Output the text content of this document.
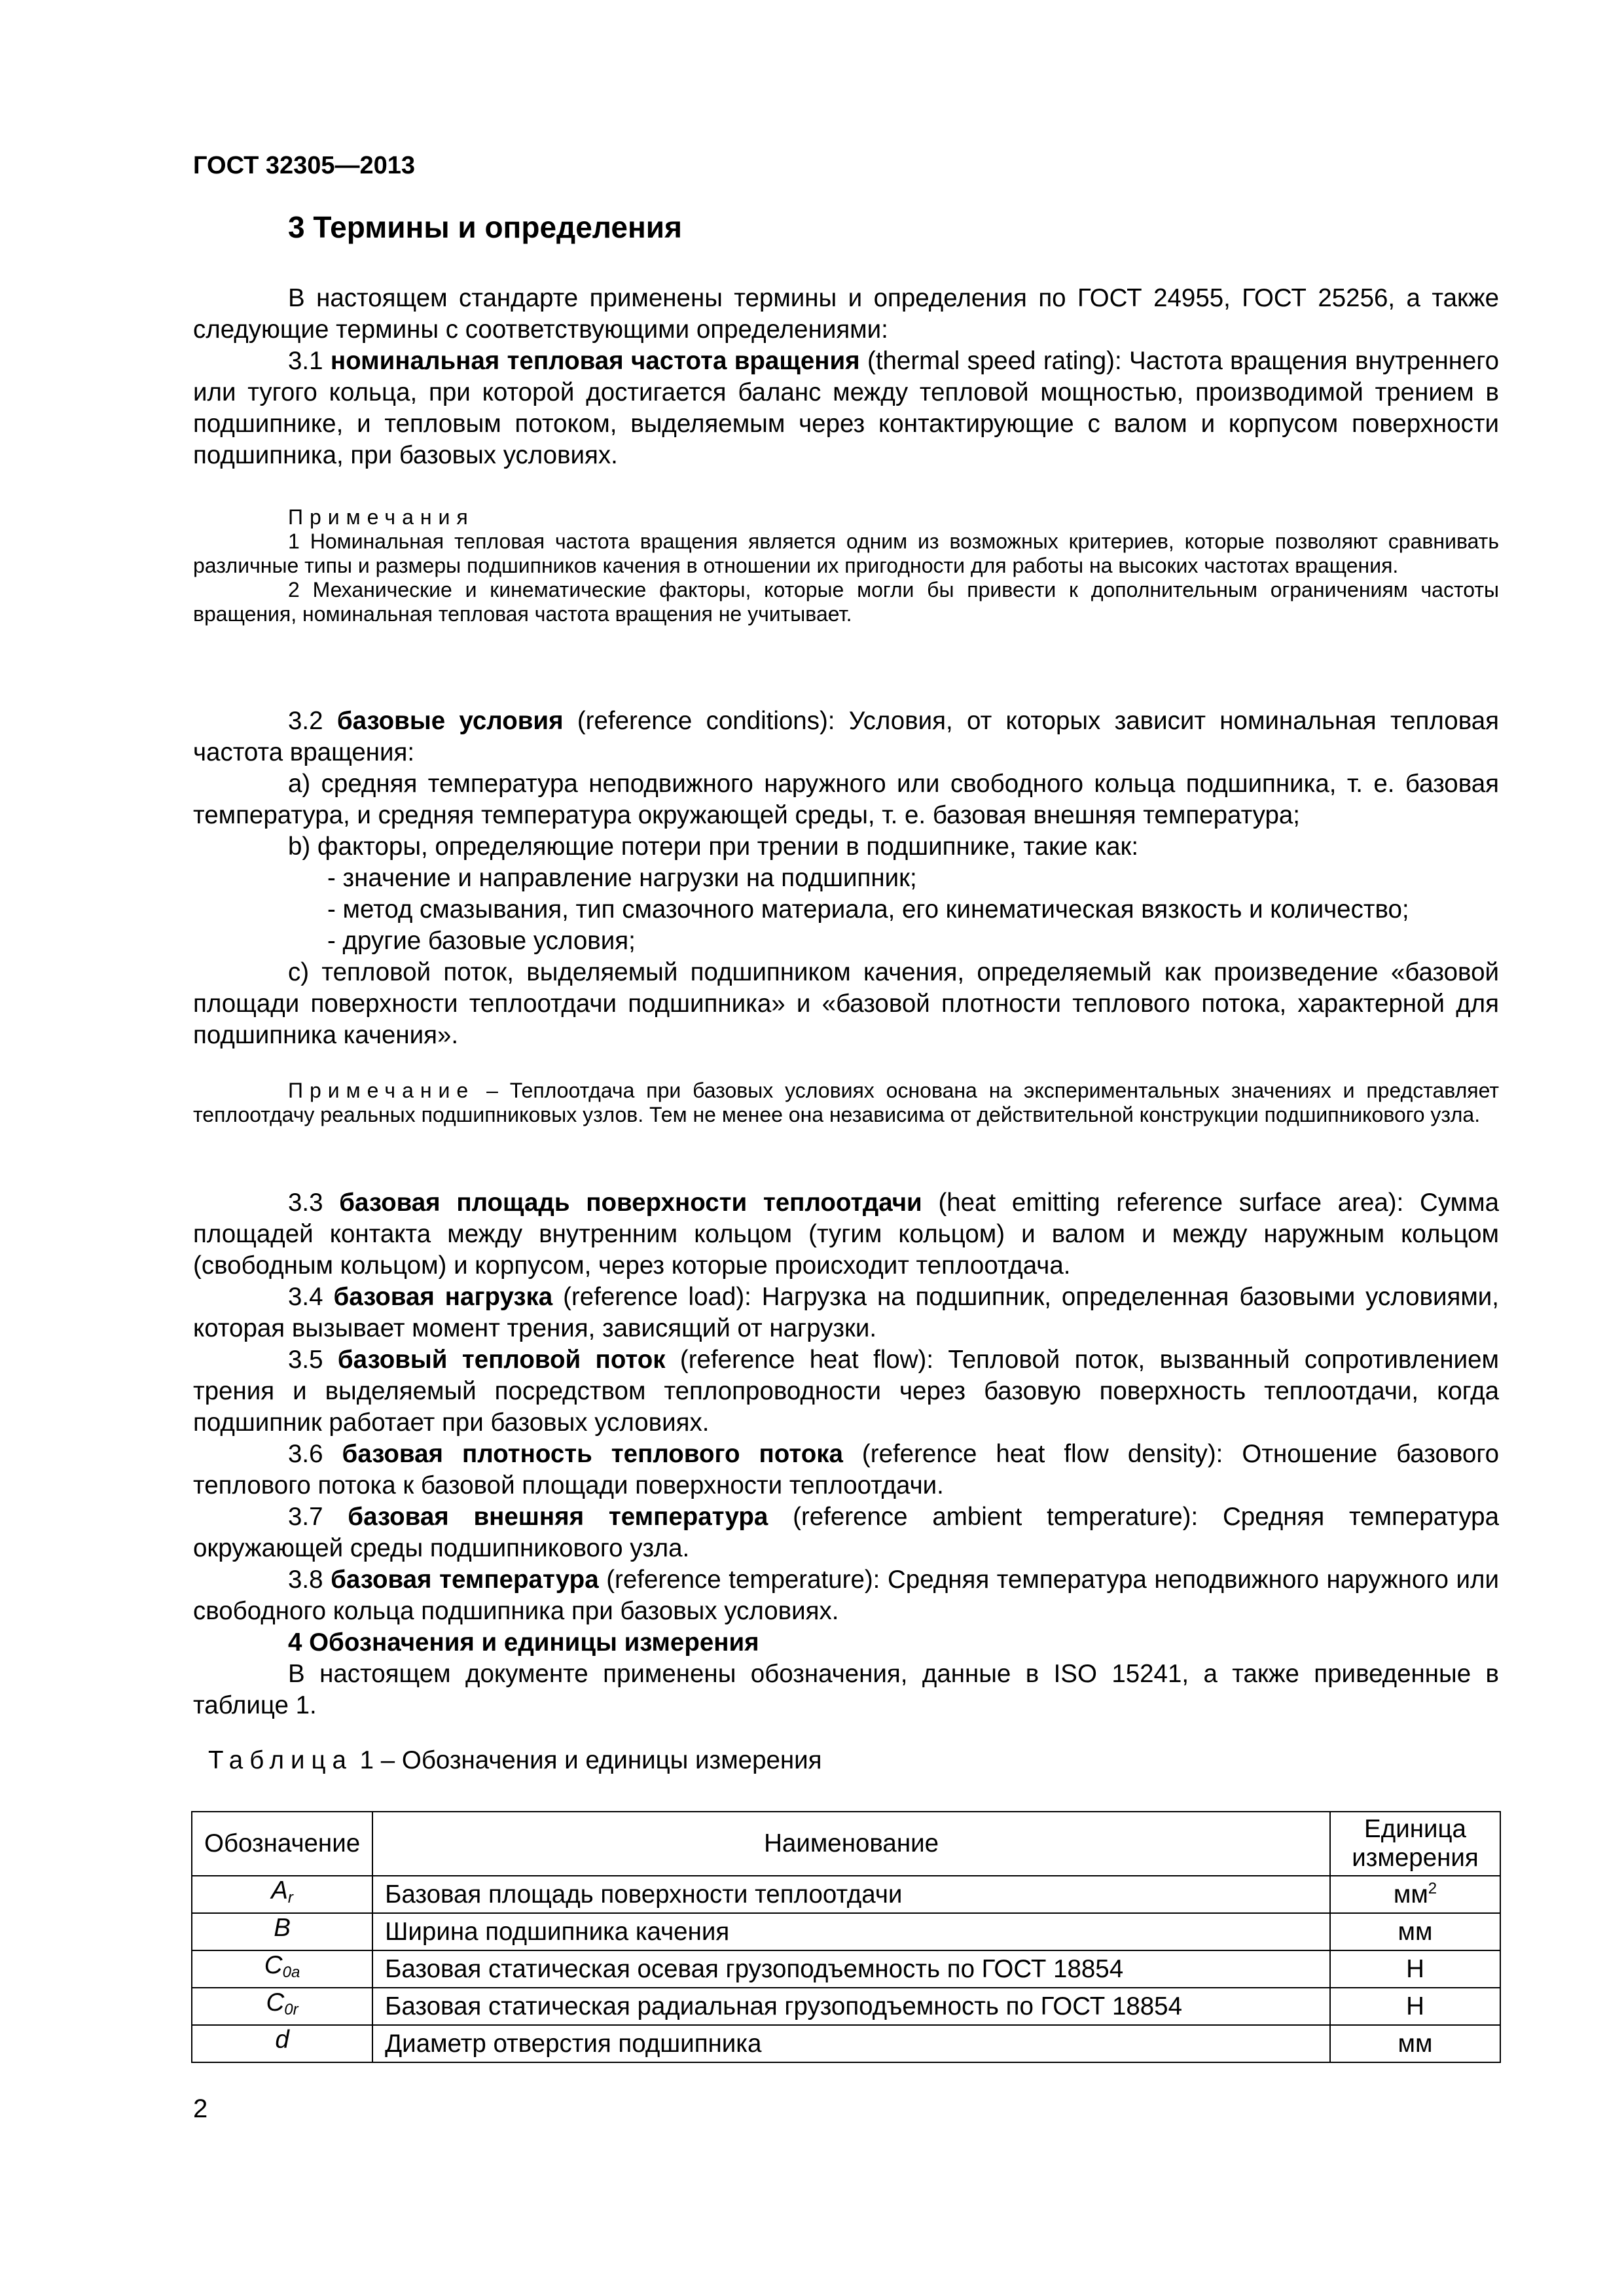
ГОСТ 32305—2013
3 Термины и определения

В настоящем стандарте применены термины и определения по ГОСТ 24955, ГОСТ 25256, а также следующие термины с соответствующими определениями:

3.1 номинальная тепловая частота вращения (thermal speed rating): Частота вращения внутреннего или тугого кольца, при которой достигается баланс между тепловой мощностью, производимой трением в подшипнике, и тепловым потоком, выделяемым через контактирующие с валом и корпусом поверхности подшипника, при базовых условиях.

Примечания

1 Номинальная тепловая частота вращения является одним из возможных критериев, которые позволяют сравнивать различные типы и размеры подшипников качения в отношении их пригодности для работы на высоких частотах вращения.

2 Механические и кинематические факторы, которые могли бы привести к дополнительным ограничениям частоты вращения, номинальная тепловая частота вращения не учитывает.

3.2 базовые условия (reference conditions): Условия, от которых зависит номинальная тепловая частота вращения:

a) средняя температура неподвижного наружного или свободного кольца подшипника, т. е. базовая температура, и средняя температура окружающей среды, т. е. базовая внешняя температура;

b) факторы, определяющие потери при трении в подшипнике, такие как:

- значение и направление нагрузки на подшипник;

- метод смазывания, тип смазочного материала, его кинематическая вязкость и количество;

- другие базовые условия;

c) тепловой поток, выделяемый подшипником качения, определяемый как произведение «базовой площади поверхности теплоотдачи подшипника» и «базовой плотности теплового потока, характерной для подшипника качения».

Примечание – Теплоотдача при базовых условиях основана на экспериментальных значениях и представляет теплоотдачу реальных подшипниковых узлов. Тем не менее она независима от действительной конструкции подшипникового узла.

3.3 базовая площадь поверхности теплоотдачи (heat emitting reference surface area): Сумма площадей контакта между внутренним кольцом (тугим кольцом) и валом и между наружным кольцом (свободным кольцом) и корпусом, через которые происходит теплоотдача.

3.4 базовая нагрузка (reference load): Нагрузка на подшипник, определенная базовыми условиями, которая вызывает момент трения, зависящий от нагрузки.

3.5 базовый тепловой поток (reference heat flow): Тепловой поток, вызванный сопротивлением трения и выделяемый посредством теплопроводности через базовую поверхность теплоотдачи, когда подшипник работает при базовых условиях.

3.6 базовая плотность теплового потока (reference heat flow density): Отношение базового теплового потока к базовой площади поверхности теплоотдачи.

3.7 базовая внешняя температура (reference ambient temperature): Средняя температура окружающей среды подшипникового узла.

3.8 базовая температура (reference temperature): Средняя температура неподвижного наружного или свободного кольца подшипника при базовых условиях.

4 Обозначения и единицы измерения

В настоящем документе применены обозначения, данные в ISO 15241, а также приведенные в таблице 1.

Таблица 1 – Обозначения и единицы измерения
Обозначение	Наименование	Единица измерения
$A_r$	Базовая площадь поверхности теплоотдачи	$мм^2$
B	Ширина подшипника качения	мм
$C_{0a}$	Базовая статическая осевая грузоподъемность по ГОСТ 18854	Н
$C_{0r}$	Базовая статическая радиальная грузоподъемность по ГОСТ 18854	Н
d	Диаметр отверстия подшипника	мм
2
